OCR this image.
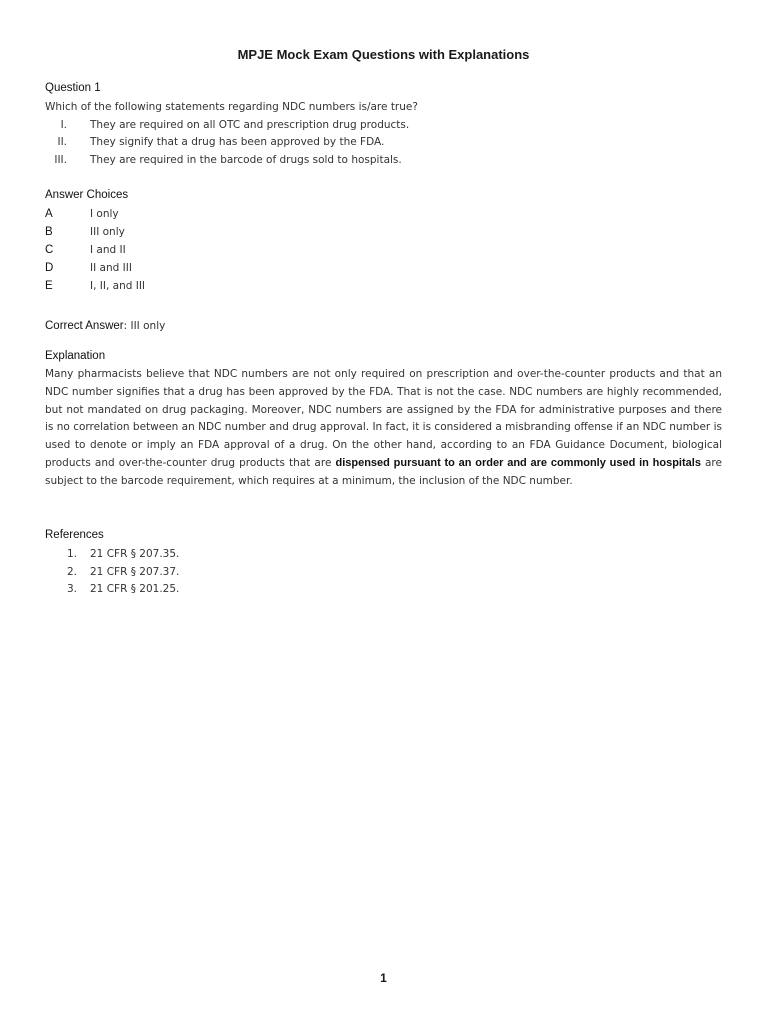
MPJE Mock Exam Questions with Explanations
Question 1
Which of the following statements regarding NDC numbers is/are true?
I. They are required on all OTC and prescription drug products.
II. They signify that a drug has been approved by the FDA.
III. They are required in the barcode of drugs sold to hospitals.
Answer Choices
A	I only
B	III only
C	I and II
D	II and III
E	I, II, and III
Correct Answer: III only
Explanation

Many pharmacists believe that NDC numbers are not only required on prescription and over-the-counter products and that an NDC number signifies that a drug has been approved by the FDA. That is not the case. NDC numbers are highly recommended, but not mandated on drug packaging. Moreover, NDC numbers are assigned by the FDA for administrative purposes and there is no correlation between an NDC number and drug approval. In fact, it is considered a misbranding offense if an NDC number is used to denote or imply an FDA approval of a drug. On the other hand, according to an FDA Guidance Document, biological products and over-the-counter drug products that are dispensed pursuant to an order and are commonly used in hospitals are subject to the barcode requirement, which requires at a minimum, the inclusion of the NDC number.

References
1. 21 CFR § 207.35.
2. 21 CFR § 207.37.
3. 21 CFR § 201.25.
1
